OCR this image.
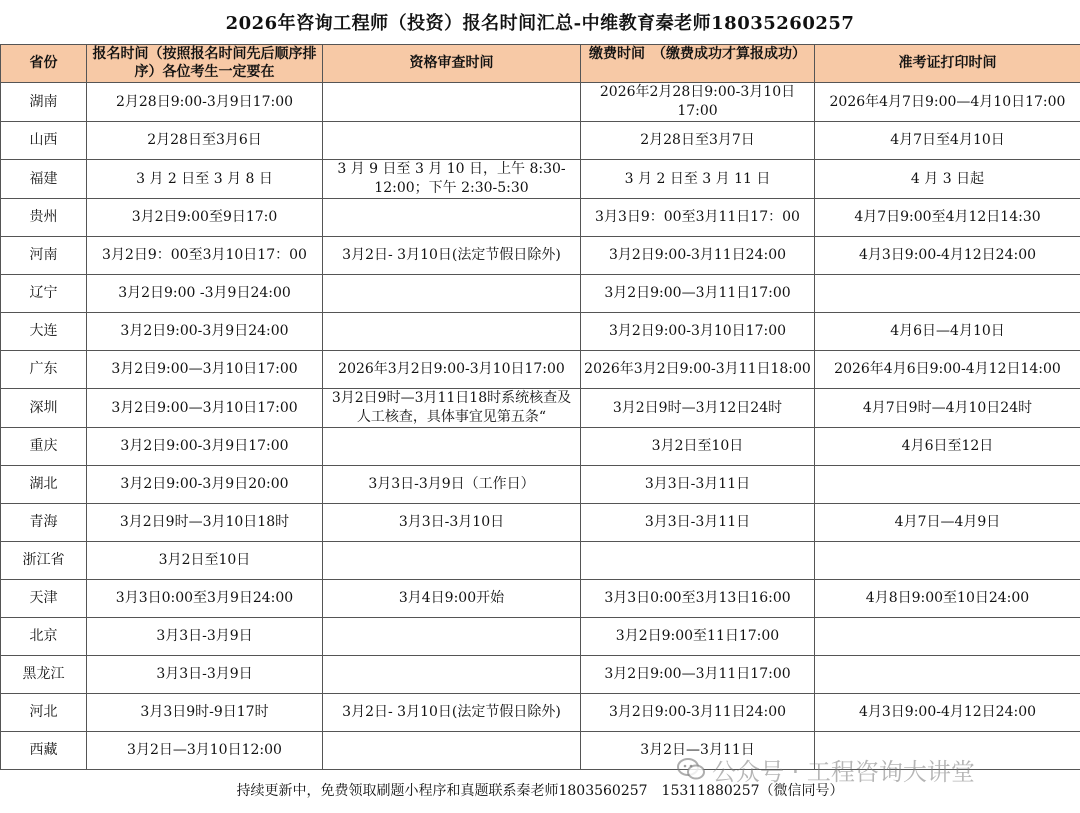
2026年咨询工程师（投资）报名时间汇总-中维教育秦老师18035260257
省份	报名时间（按照报名时间先后顺序排序）各位考生一定要在	资格审查时间	缴费时间　（缴费成功才算报成功）	准考证打印时间

湖南	2月28日9:00-3月9日17:00		2026年2月28日9:00-3月10日17:00	2026年4月7日9:00—4月10日17:00

山西	2月28日至3月6日		2月28日至3月7日	4月7日至4月10日

福建	3 月 2 日至 3 月 8 日	3 月 9 日至 3 月 10 日，上午 8:30-12:00；下午 2:30-5:30	3 月 2 日至 3 月 11 日	4 月 3 日起

贵州	3月2日9:00至9日17:0		3月3日9：00至3月11日17：00	4月7日9:00至4月12日14:30

河南	3月2日9：00至3月10日17：00	3月2日- 3月10日(法定节假日除外)	3月2日9:00-3月11日24:00	4月3日9:00-4月12日24:00

辽宁	3月2日9:00 -3月9日24:00		3月2日9:00—3月11日17:00	

大连	3月2日9:00-3月9日24:00		3月2日9:00-3月10日17:00	4月6日—4月10日

广东	3月2日9:00—3月10日17:00	2026年3月2日9:00-3月10日17:00	2026年3月2日9:00-3月11日18:00	2026年4月6日9:00-4月12日14:00

深圳	3月2日9:00—3月10日17:00	3月2日9时—3月11日18时系统核查及人工核查，具体事宜见第五条“	3月2日9时—3月12日24时	4月7日9时—4月10日24时

重庆	3月2日9:00-3月9日17:00		3月2日至10日	4月6日至12日

湖北	3月2日9:00-3月9日20:00	3月3日-3月9日（工作日）	3月3日-3月11日	

青海	3月2日9时—3月10日18时	3月3日-3月10日	3月3日-3月11日	4月7日—4月9日

浙江省	3月2日至10日			

天津	3月3日0:00至3月9日24:00	3月4日9:00开始	3月3日0:00至3月13日16:00	4月8日9:00至10日24:00

北京	3月3日-3月9日		3月2日9:00至11日17:00	

黑龙江	3月3日-3月9日		3月2日9:00—3月11日17:00	

河北	3月3日9时-9日17时	3月2日- 3月10日(法定节假日除外)	3月2日9:00-3月11日24:00	4月3日9:00-4月12日24:00

西藏	3月2日—3月10日12:00		3月2日—3月11日	

公众号 · 工程咨询大讲堂
持续更新中，免费领取刷题小程序和真题联系秦老师18035602​57　15311880257（微信同号）
